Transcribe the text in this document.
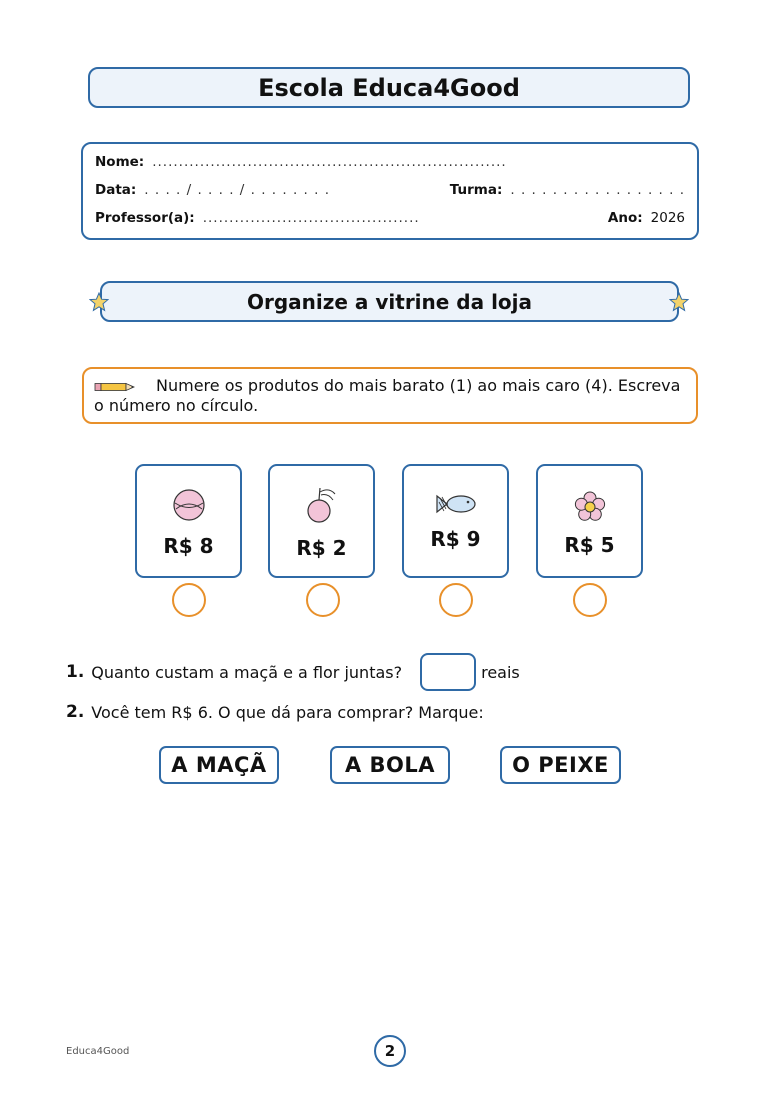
Escola Educa4Good
Nome: ...................................................................
Data: . . . . / . . . . / . . . . . . . .	Turma: . . . . . . . . . . . . . . . . .
Professor(a): .........................................	Ano: 2026
Organize a vitrine da loja
Numere os produtos do mais barato (1) ao mais caro (4). Escreva o número no círculo.
R$ 8	R$ 2	R$ 9	R$ 5
1. Quanto custam a maçã e a flor juntas?	reais
2. Você tem R$ 6. O que dá para comprar? Marque:
A MAÇÃ	A BOLA	O PEIXE
Educa4Good	2
